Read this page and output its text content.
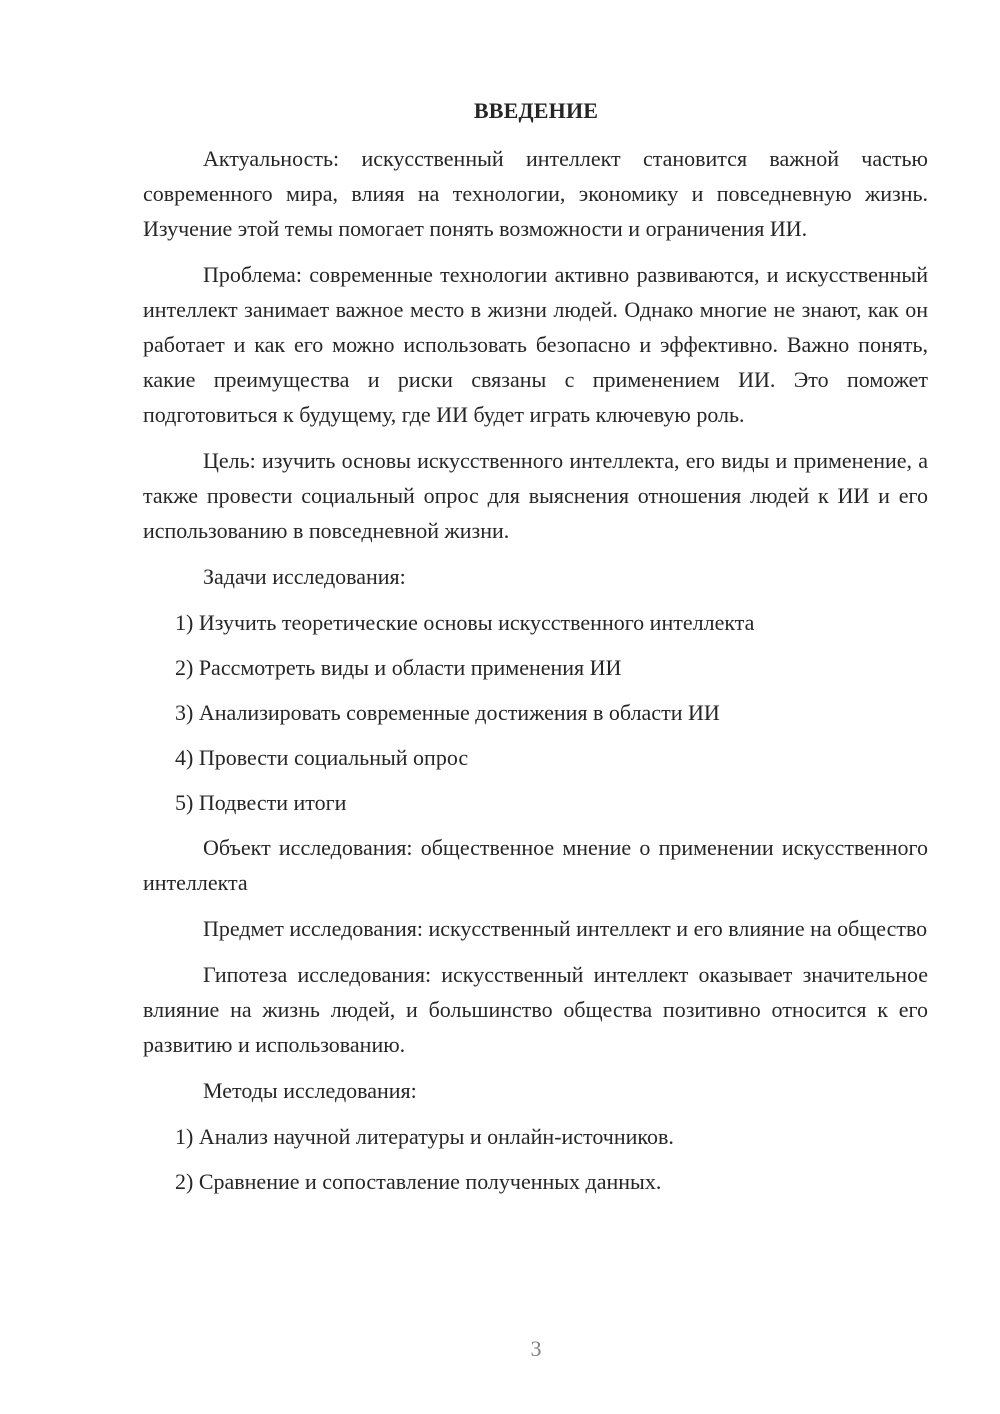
ВВЕДЕНИЕ

Актуальность: искусственный интеллект становится важной частью современного мира, влияя на технологии, экономику и повседневную жизнь. Изучение этой темы помогает понять возможности и ограничения ИИ.

Проблема: современные технологии активно развиваются, и искусственный интеллект занимает важное место в жизни людей. Однако многие не знают, как он работает и как его можно использовать безопасно и эффективно. Важно понять, какие преимущества и риски связаны с применением ИИ. Это поможет подготовиться к будущему, где ИИ будет играть ключевую роль.

Цель: изучить основы искусственного интеллекта, его виды и применение, а также провести социальный опрос для выяснения отношения людей к ИИ и его использованию в повседневной жизни.

Задачи исследования:

1) Изучить теоретические основы искусственного интеллекта
2) Рассмотреть виды и области применения ИИ
3) Анализировать современные достижения в области ИИ
4) Провести социальный опрос
5) Подвести итоги

Объект исследования: общественное мнение о применении искусственного интеллекта

Предмет исследования: искусственный интеллект и его влияние на общество

Гипотеза исследования: искусственный интеллект оказывает значительное влияние на жизнь людей, и большинство общества позитивно относится к его развитию и использованию.

Методы исследования:

1) Анализ научной литературы и онлайн-источников.
2) Сравнение и сопоставление полученных данных.
3
